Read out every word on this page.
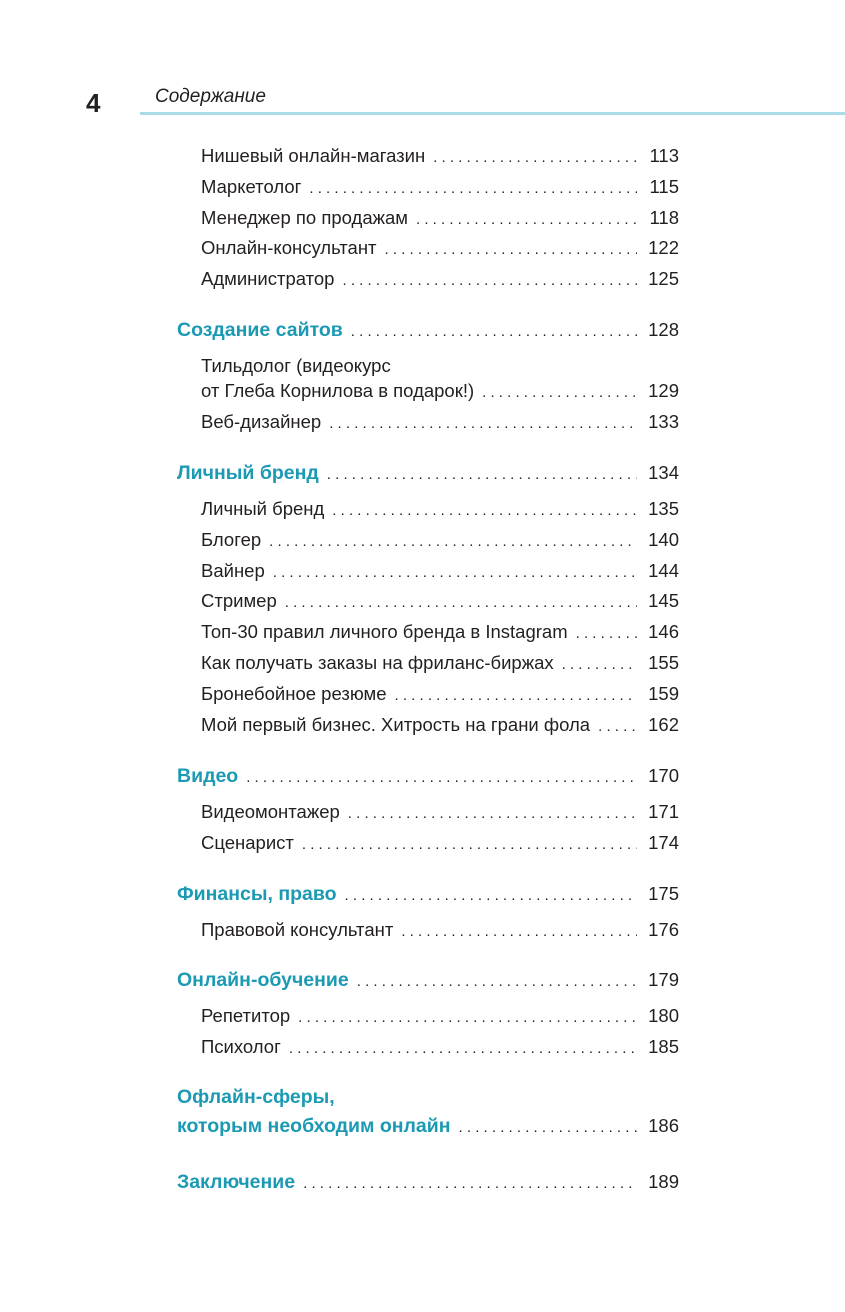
4	Содержание
Нишевый онлайн-магазин . . .	113
Маркетолог . . .	115
Менеджер по продажам . . .	118
Онлайн-консультант . . .	122
Администратор . . .	125
Создание сайтов . . .	128
Тильдолог (видеокурс
от Глеба Корнилова в подарок!) . . .	129
Веб-дизайнер . . .	133
Личный бренд . . .	134
Личный бренд . . .	135
Блогер . . .	140
Вайнер . . .	144
Стример . . .	145
Топ-30 правил личного бренда в Instagram . . .	146
Как получать заказы на фриланс-биржах . . .	155
Бронебойное резюме . . .	159
Мой первый бизнес. Хитрость на грани фола . . .	162
Видео . . .	170
Видеомонтажер . . .	171
Сценарист . . .	174
Финансы, право . . .	175
Правовой консультант . . .	176
Онлайн-обучение . . .	179
Репетитор . . .	180
Психолог . . .	185
Офлайн-сферы,
которым необходим онлайн . . .	186
Заключение . . .	189
